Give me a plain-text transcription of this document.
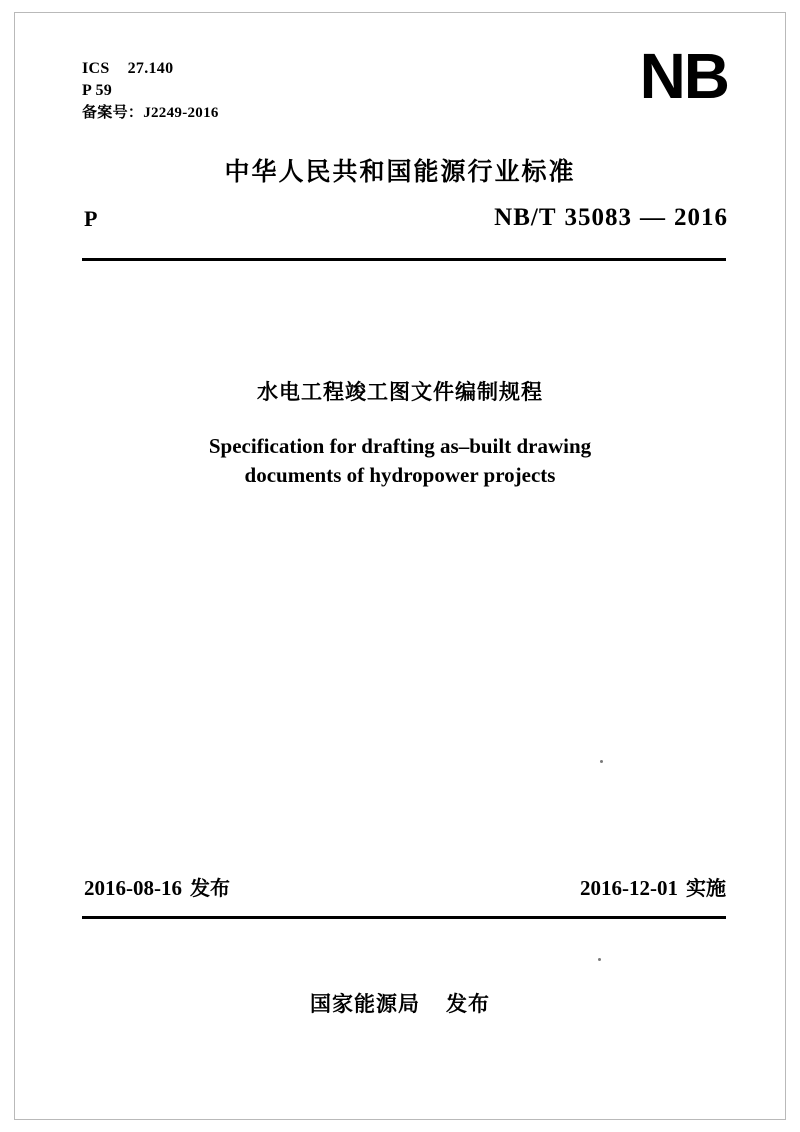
ICS 27.140
P 59
备案号：J2249-2016
NB
中华人民共和国能源行业标准
P	NB/T 35083 — 2016
水电工程竣工图文件编制规程
Specification for drafting as–built drawing
documents of hydropower projects
2016-08-16 发布	2016-12-01 实施
国家能源局 发布
